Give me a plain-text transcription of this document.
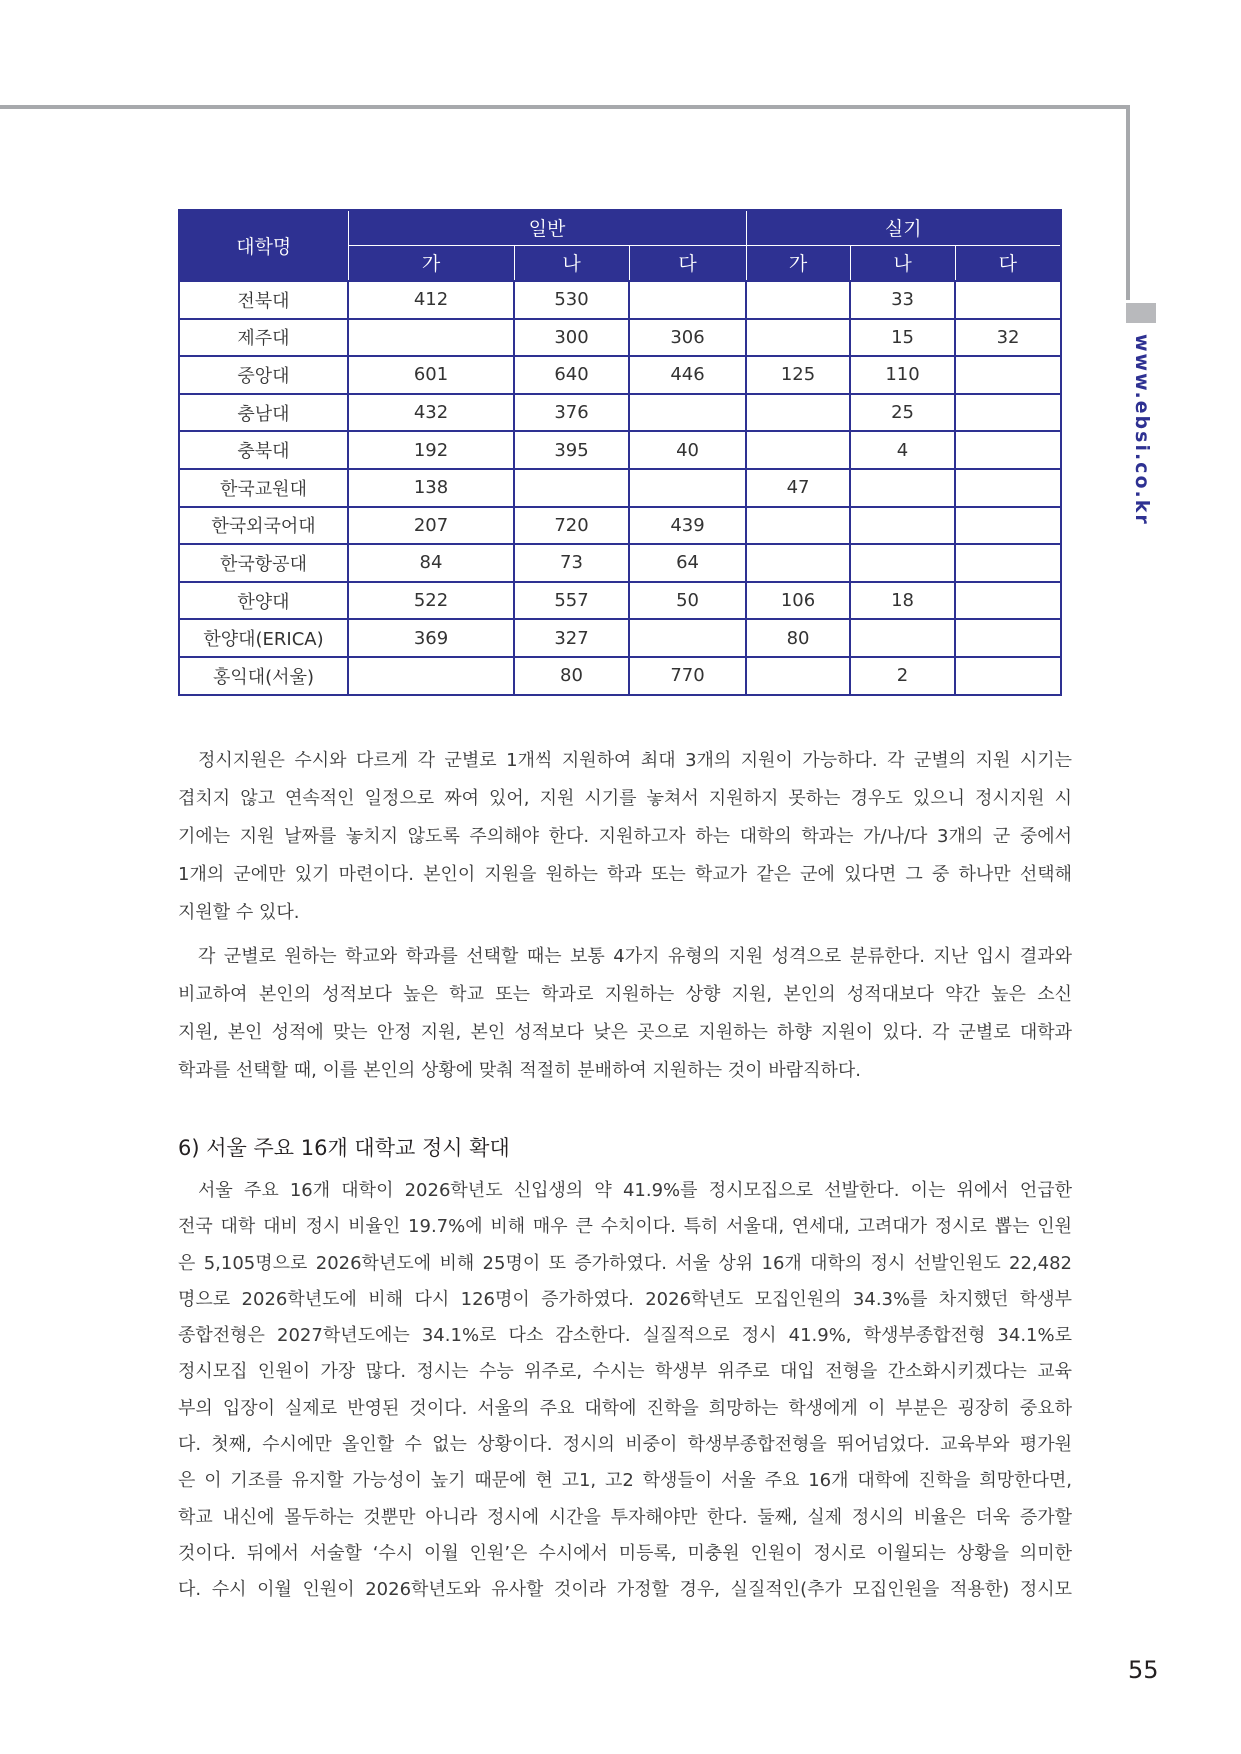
www.ebsi.co.kr
대학명	일반			실기		
	가	나	다	가	나	다
전북대	412	530			33	
제주대		300	306		15	32
중앙대	601	640	446	125	110	
충남대	432	376			25	
충북대	192	395	40		4	
한국교원대	138			47		
한국외국어대	207	720	439			
한국항공대	84	73	64			
한양대	522	557	50	106	18	
한양대(ERICA)	369	327		80		
홍익대(서울)		80	770		2	
정시지원은 수시와 다르게 각 군별로 1개씩 지원하여 최대 3개의 지원이 가능하다. 각 군별의 지원 시기는
겹치지 않고 연속적인 일정으로 짜여 있어, 지원 시기를 놓쳐서 지원하지 못하는 경우도 있으니 정시지원 시
기에는 지원 날짜를 놓치지 않도록 주의해야 한다. 지원하고자 하는 대학의 학과는 가/나/다 3개의 군 중에서
1개의 군에만 있기 마련이다. 본인이 지원을 원하는 학과 또는 학교가 같은 군에 있다면 그 중 하나만 선택해
지원할 수 있다.
각 군별로 원하는 학교와 학과를 선택할 때는 보통 4가지 유형의 지원 성격으로 분류한다. 지난 입시 결과와
비교하여 본인의 성적보다 높은 학교 또는 학과로 지원하는 상향 지원, 본인의 성적대보다 약간 높은 소신
지원, 본인 성적에 맞는 안정 지원, 본인 성적보다 낮은 곳으로 지원하는 하향 지원이 있다. 각 군별로 대학과
학과를 선택할 때, 이를 본인의 상황에 맞춰 적절히 분배하여 지원하는 것이 바람직하다.
6) 서울 주요 16개 대학교 정시 확대
서울 주요 16개 대학이 2026학년도 신입생의 약 41.9%를 정시모집으로 선발한다. 이는 위에서 언급한
전국 대학 대비 정시 비율인 19.7%에 비해 매우 큰 수치이다. 특히 서울대, 연세대, 고려대가 정시로 뽑는 인원
은 5,105명으로 2026학년도에 비해 25명이 또 증가하였다. 서울 상위 16개 대학의 정시 선발인원도 22,482
명으로 2026학년도에 비해 다시 126명이 증가하였다. 2026학년도 모집인원의 34.3%를 차지했던 학생부
종합전형은 2027학년도에는 34.1%로 다소 감소한다. 실질적으로 정시 41.9%, 학생부종합전형 34.1%로
정시모집 인원이 가장 많다. 정시는 수능 위주로, 수시는 학생부 위주로 대입 전형을 간소화시키겠다는 교육
부의 입장이 실제로 반영된 것이다. 서울의 주요 대학에 진학을 희망하는 학생에게 이 부분은 굉장히 중요하
다. 첫째, 수시에만 올인할 수 없는 상황이다. 정시의 비중이 학생부종합전형을 뛰어넘었다. 교육부와 평가원
은 이 기조를 유지할 가능성이 높기 때문에 현 고1, 고2 학생들이 서울 주요 16개 대학에 진학을 희망한다면,
학교 내신에 몰두하는 것뿐만 아니라 정시에 시간을 투자해야만 한다. 둘째, 실제 정시의 비율은 더욱 증가할
것이다. 뒤에서 서술할 ‘수시 이월 인원’은 수시에서 미등록, 미충원 인원이 정시로 이월되는 상황을 의미한
다. 수시 이월 인원이 2026학년도와 유사할 것이라 가정할 경우, 실질적인(추가 모집인원을 적용한) 정시모
55
